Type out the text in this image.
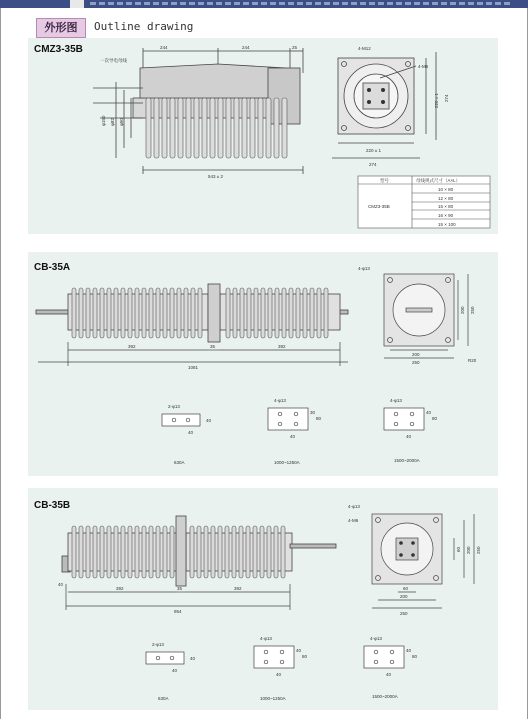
外形图	Outline drawing
CMZ3-35B	244	244	25
一次导电母线
543 ± 2
φ150 φ82 φ50
4-M12
4-M6
220 ± 1
274
220 ± 1 274
型号	母线规式尺寸（A×L）
CMZ3-35B
10 × 80
12 × 80
15 × 80
16 × 90
15 × 100
CB-35A
392	35	392
1081
4-φ13
200
250
200 250
R20
2-φ13
40
40
630A
4-φ13
40
80
30
1000~1250A
4-φ13
40
80
40
1500~2000A
CB-35B
392	35	392
954
40
4-φ13
4-M6
60
200
250
60 200 250
2-φ13
40
40
630A
4-φ13
40
80
40
1000~1250A
4-φ13
40
80
40
1500~2000A
